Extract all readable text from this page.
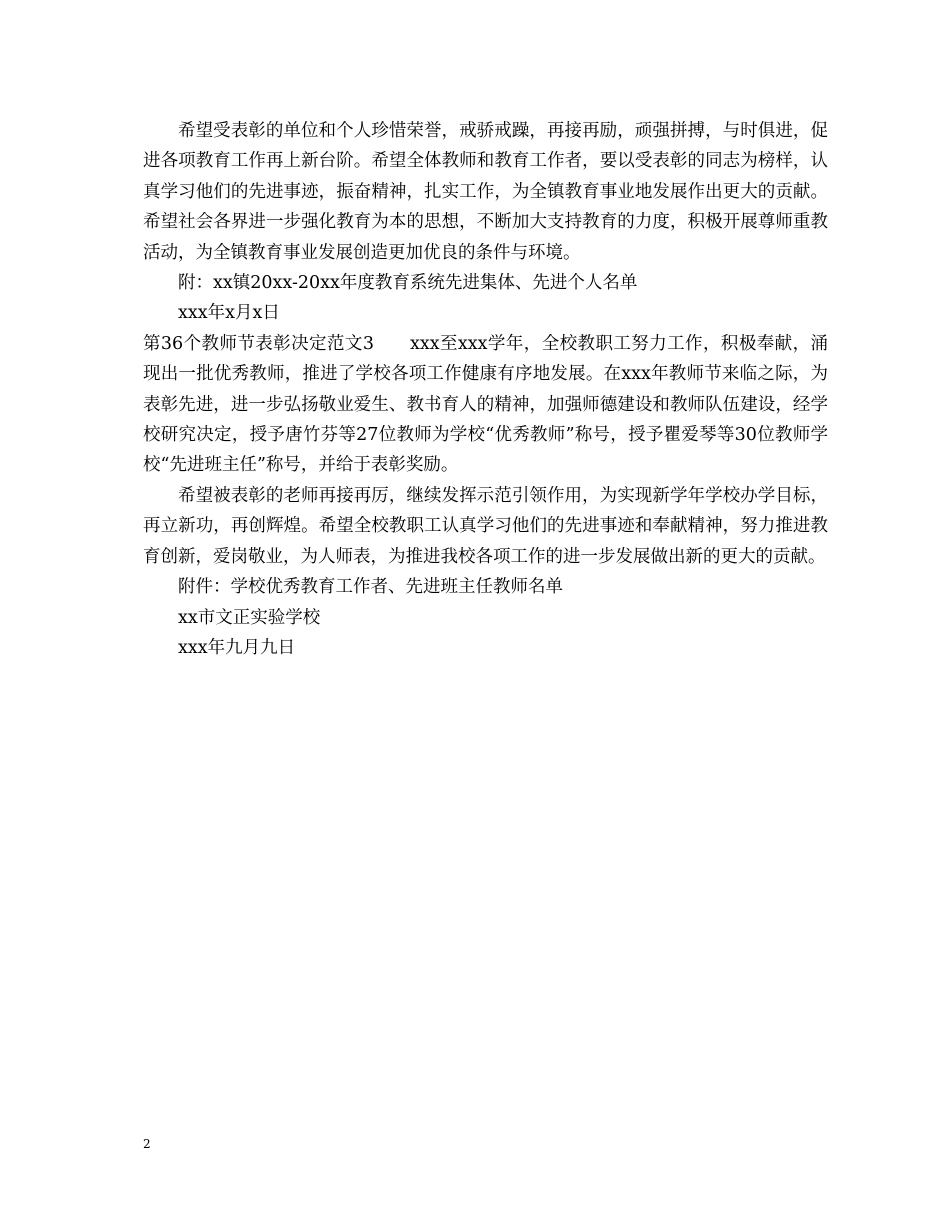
希望受表彰的单位和个人珍惜荣誉，戒骄戒躁，再接再励，顽强拼搏，与时俱进，促进各项教育工作再上新台阶。希望全体教师和教育工作者，要以受表彰的同志为榜样，认真学习他们的先进事迹，振奋精神，扎实工作，为全镇教育事业地发展作出更大的贡献。希望社会各界进一步强化教育为本的思想，不断加大支持教育的力度，积极开展尊师重教活动，为全镇教育事业发展创造更加优良的条件与环境。

附：xx镇20xx-20xx年度教育系统先进集体、先进个人名单

xxx年x月x日

第36个教师节表彰决定范文3 xxx至xxx学年，全校教职工努力工作，积极奉献，涌现出一批优秀教师，推进了学校各项工作健康有序地发展。在xxx年教师节来临之际，为表彰先进，进一步弘扬敬业爱生、教书育人的精神，加强师德建设和教师队伍建设，经学校研究决定，授予唐竹芬等27位教师为学校“优秀教师”称号，授予瞿爱琴等30位教师学校“先进班主任”称号，并给于表彰奖励。

希望被表彰的老师再接再厉，继续发挥示范引领作用，为实现新学年学校办学目标，再立新功，再创辉煌。希望全校教职工认真学习他们的先进事迹和奉献精神，努力推进教育创新，爱岗敬业，为人师表，为推进我校各项工作的进一步发展做出新的更大的贡献。

附件：学校优秀教育工作者、先进班主任教师名单

xx市文正实验学校

xxx年九月九日

2
